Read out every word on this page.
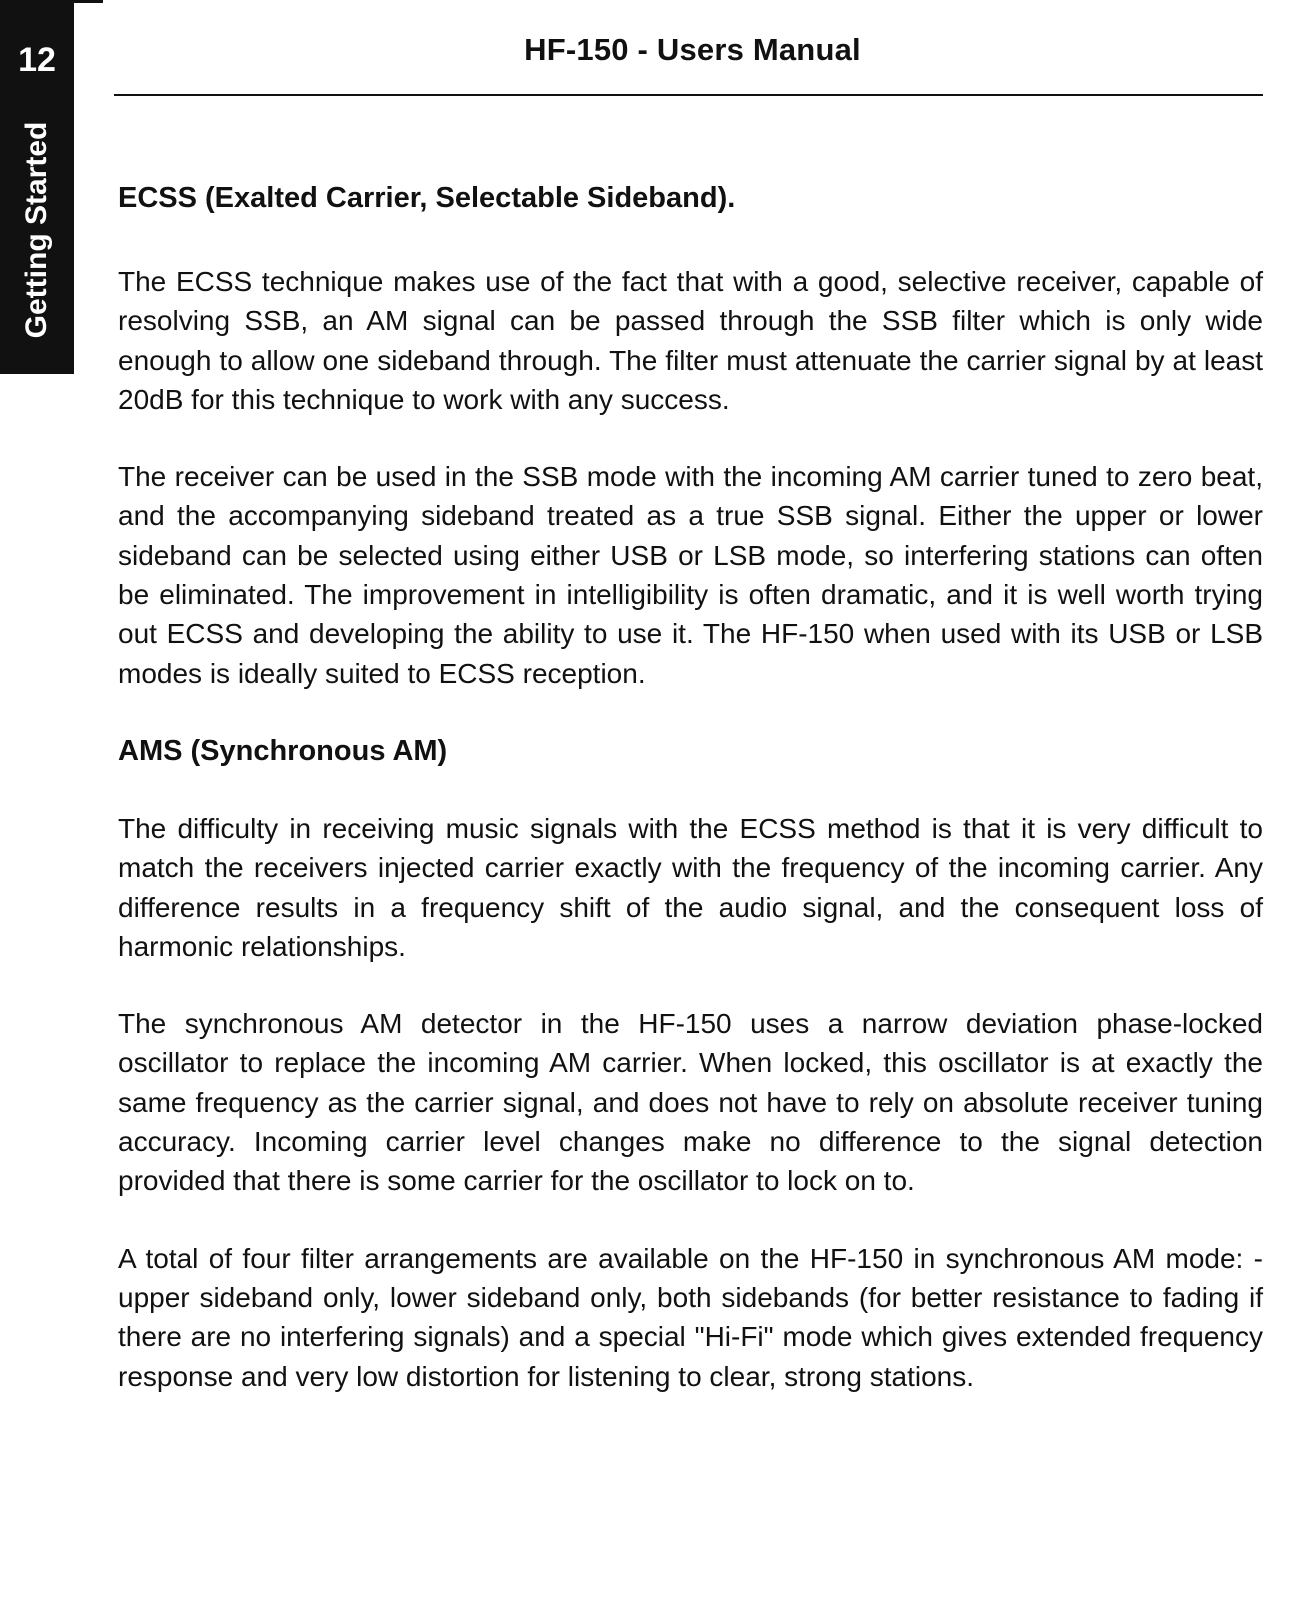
12
Getting Started
HF-150 - Users Manual
ECSS (Exalted Carrier, Selectable Sideband).

The ECSS technique makes use of the fact that with a good, selective receiver, capable of resolving SSB, an AM signal can be passed through the SSB filter which is only wide enough to allow one sideband through. The filter must attenuate the carrier signal by at least 20dB for this technique to work with any success.

The receiver can be used in the SSB mode with the incoming AM carrier tuned to zero beat, and the accompanying sideband treated as a true SSB signal. Either the upper or lower sideband can be selected using either USB or LSB mode, so interfering stations can often be eliminated. The improvement in intelligibility is often dramatic, and it is well worth trying out ECSS and developing the ability to use it. The HF-150 when used with its USB or LSB modes is ideally suited to ECSS reception.

AMS (Synchronous AM)

The difficulty in receiving music signals with the ECSS method is that it is very difficult to match the receivers injected carrier exactly with the frequency of the incoming carrier. Any difference results in a frequency shift of the audio signal, and the consequent loss of harmonic relationships.

The synchronous AM detector in the HF-150 uses a narrow deviation phase-locked oscillator to replace the incoming AM carrier. When locked, this oscillator is at exactly the same frequency as the carrier signal, and does not have to rely on absolute receiver tuning accuracy. Incoming carrier level changes make no difference to the signal detection provided that there is some carrier for the oscillator to lock on to.

A total of four filter arrangements are available on the HF-150 in synchronous AM mode: - upper sideband only, lower sideband only, both sidebands (for better resistance to fading if there are no interfering signals) and a special "Hi-Fi" mode which gives extended frequency response and very low distortion for listening to clear, strong stations.
